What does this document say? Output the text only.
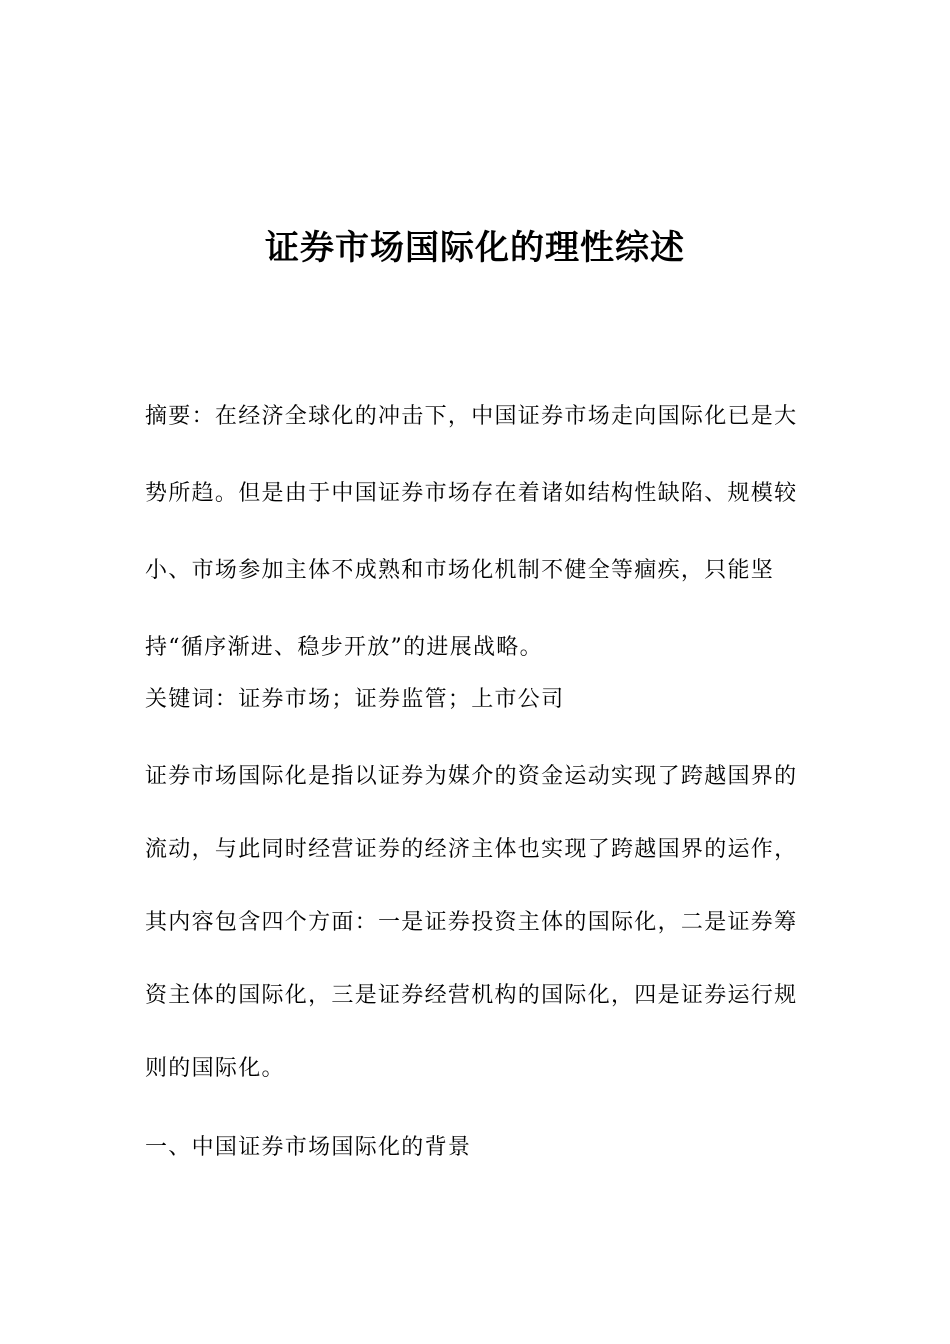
证券市场国际化的理性综述

摘要：在经济全球化的冲击下，中国证券市场走向国际化已是大势所趋。但是由于中国证券市场存在着诸如结构性缺陷、规模较小、市场参加主体不成熟和市场化机制不健全等痼疾，只能坚持“循序渐进、稳步开放”的进展战略。

关键词：证券市场；证券监管；上市公司

证券市场国际化是指以证券为媒介的资金运动实现了跨越国界的流动，与此同时经营证券的经济主体也实现了跨越国界的运作，其内容包含四个方面：一是证券投资主体的国际化，二是证券筹资主体的国际化，三是证券经营机构的国际化，四是证券运行规则的国际化。

一、中国证券市场国际化的背景
